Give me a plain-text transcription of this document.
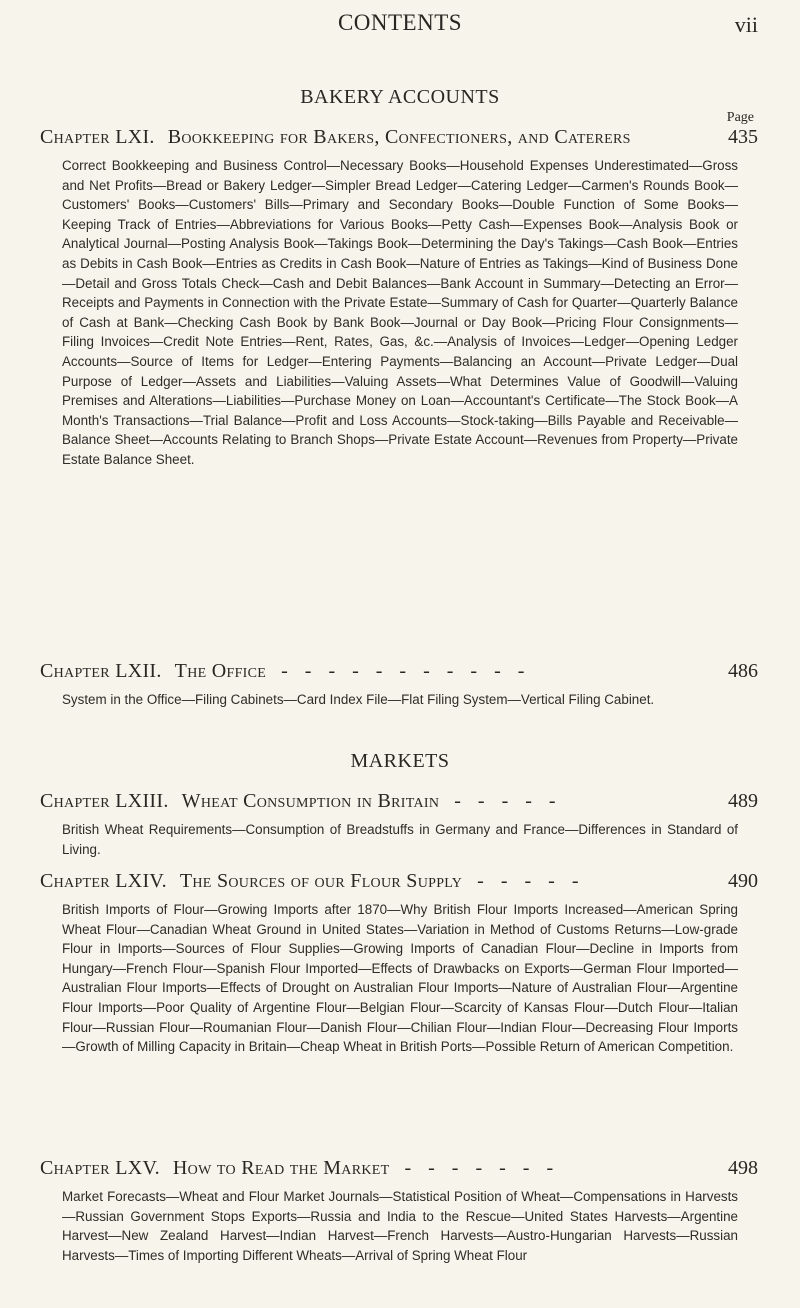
CONTENTS	vii
BAKERY ACCOUNTS
Page
Chapter LXI. Bookkeeping for Bakers, Confectioners, and Caterers	435
Correct Bookkeeping and Business Control—Necessary Books—Household Expenses Underestimated—Gross and Net Profits—Bread or Bakery Ledger—Simpler Bread Ledger—Catering Ledger—Carmen's Rounds Book—Customers' Books—Customers' Bills—Primary and Secondary Books—Double Function of Some Books—Keeping Track of Entries—Abbreviations for Various Books—Petty Cash—Expenses Book—Analysis Book or Analytical Journal—Posting Analysis Book—Takings Book—Determining the Day's Takings—Cash Book—Entries as Debits in Cash Book—Entries as Credits in Cash Book—Nature of Entries as Takings—Kind of Business Done—Detail and Gross Totals Check—Cash and Debit Balances—Bank Account in Summary—Detecting an Error—Receipts and Payments in Connection with the Private Estate—Summary of Cash for Quarter—Quarterly Balance of Cash at Bank—Checking Cash Book by Bank Book—Journal or Day Book—Pricing Flour Consignments—Filing Invoices—Credit Note Entries—Rent, Rates, Gas, &c.—Analysis of Invoices—Ledger—Opening Ledger Accounts—Source of Items for Ledger—Entering Payments—Balancing an Account—Private Ledger—Dual Purpose of Ledger—Assets and Liabilities—Valuing Assets—What Determines Value of Goodwill—Valuing Premises and Alterations—Liabilities—Purchase Money on Loan—Accountant's Certificate—The Stock Book—A Month's Transactions—Trial Balance—Profit and Loss Accounts—Stock-taking—Bills Payable and Receivable—Balance Sheet—Accounts Relating to Branch Shops—Private Estate Account—Revenues from Property—Private Estate Balance Sheet.
Chapter LXII. The Office - - - - - - - - - - -	486
System in the Office—Filing Cabinets—Card Index File—Flat Filing System—Vertical Filing Cabinet.
MARKETS
Chapter LXIII. Wheat Consumption in Britain - - - - -	489
British Wheat Requirements—Consumption of Breadstuffs in Germany and France—Differences in Standard of Living.
Chapter LXIV. The Sources of our Flour Supply - - - - -	490
British Imports of Flour—Growing Imports after 1870—Why British Flour Imports Increased—American Spring Wheat Flour—Canadian Wheat Ground in United States—Variation in Method of Customs Returns—Low-grade Flour in Imports—Sources of Flour Supplies—Growing Imports of Canadian Flour—Decline in Imports from Hungary—French Flour—Spanish Flour Imported—Effects of Drawbacks on Exports—German Flour Imported—Australian Flour Imports—Effects of Drought on Australian Flour Imports—Nature of Australian Flour—Argentine Flour Imports—Poor Quality of Argentine Flour—Belgian Flour—Scarcity of Kansas Flour—Dutch Flour—Italian Flour—Russian Flour—Roumanian Flour—Danish Flour—Chilian Flour—Indian Flour—Decreasing Flour Imports—Growth of Milling Capacity in Britain—Cheap Wheat in British Ports—Possible Return of American Competition.
Chapter LXV. How to Read the Market - - - - - - -	498
Market Forecasts—Wheat and Flour Market Journals—Statistical Position of Wheat—Compensations in Harvests—Russian Government Stops Exports—Russia and India to the Rescue—United States Harvests—Argentine Harvest—New Zealand Harvest—Indian Harvest—French Harvests—Austro-Hungarian Harvests—Russian Harvests—Times of Importing Different Wheats—Arrival of Spring Wheat Flour
